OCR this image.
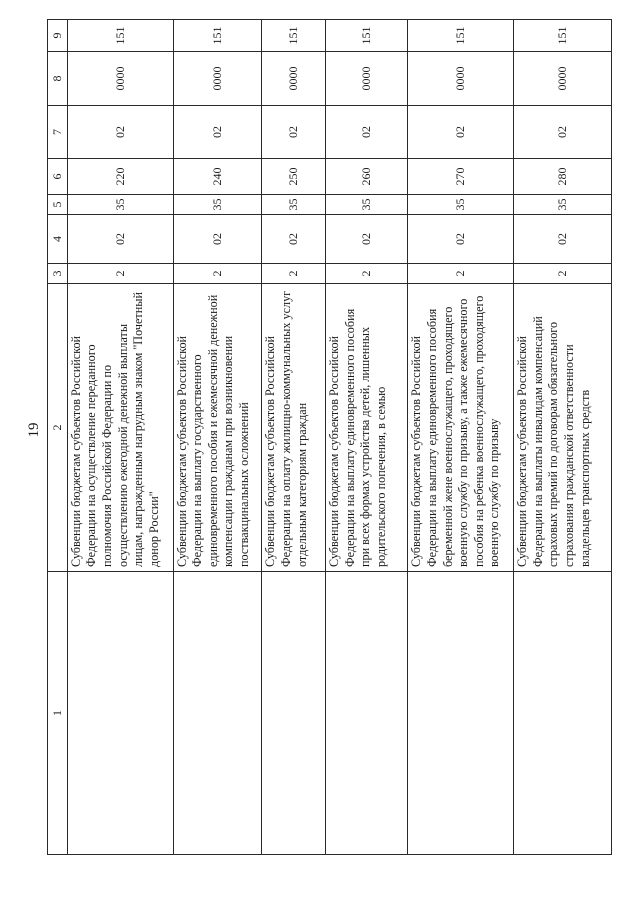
19
1	2	3	4	5	6	7	8	9
	Субвенции бюджетам субъектов Российской Федерации на осуществление переданного полномочия Российской Федерации по осуществлению ежегодной денежной выплаты лицам, награжденным нагрудным знаком "Почетный донор России"	2	02	35	220	02	0000	151
	Субвенции бюджетам субъектов Российской Федерации на выплату государственного единовременного пособия и ежемесячной денежной компенсации гражданам при возникновении поствакцинальных осложнений	2	02	35	240	02	0000	151
	Субвенции бюджетам субъектов Российской Федерации на оплату жилищно-коммунальных услуг отдельным категориям граждан	2	02	35	250	02	0000	151
	Субвенции бюджетам субъектов Российской Федерации на выплату единовременного пособия при всех формах устройства детей, лишенных родительского попечения, в семью	2	02	35	260	02	0000	151
	Субвенции бюджетам субъектов Российской Федерации на выплату единовременного пособия беременной жене военнослужащего, проходящего военную службу по призыву, а также ежемесячного пособия на ребенка военнослужащего, проходящего военную службу по призыву	2	02	35	270	02	0000	151
	Субвенции бюджетам субъектов Российской Федерации на выплаты инвалидам компенсаций страховых премий по договорам обязательного страхования гражданской ответственности владельцев транспортных средств	2	02	35	280	02	0000	151
